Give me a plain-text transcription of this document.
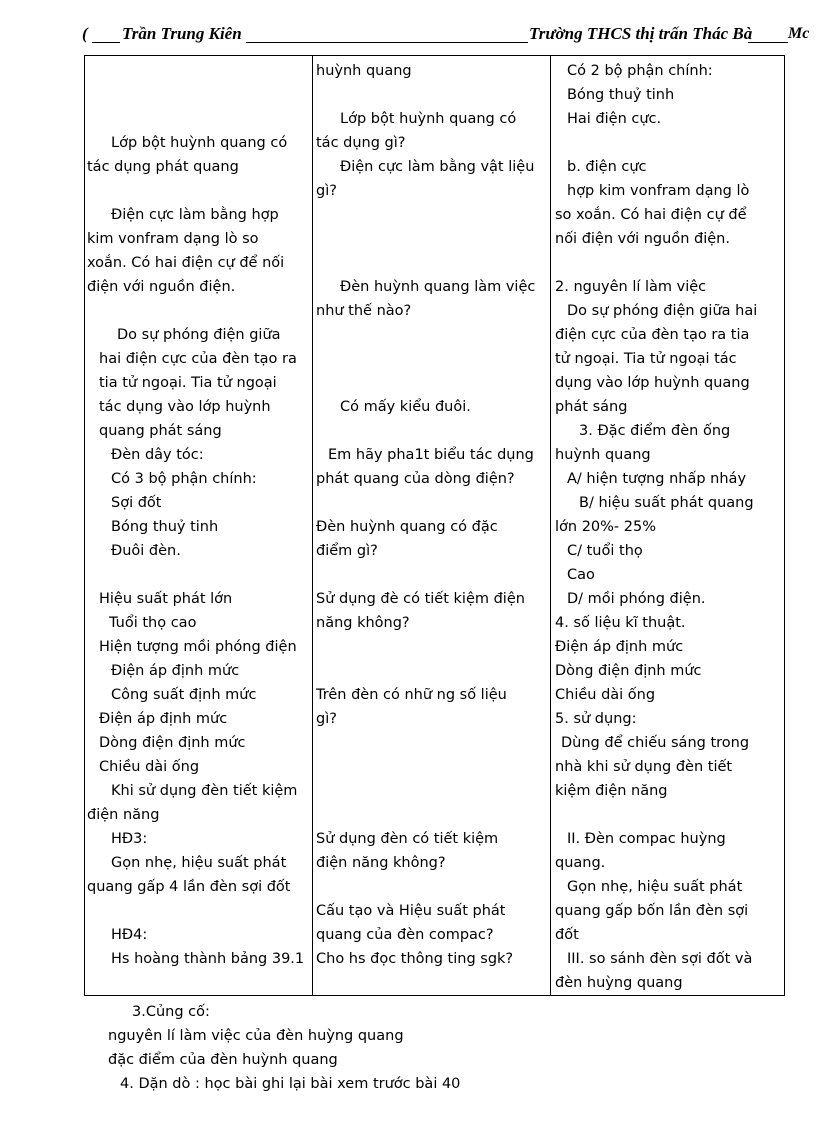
( Trần Trung Kiên	Trường THCS thị trấn Thác Bà Mc
Lớp bột huỳnh quang có
tác dụng phát quang
Điện cực làm bằng hợp
kim vonfram dạng lò so
xoắn. Có hai điện cự để nối
điện với nguồn điện.
Do sự phóng điện giữa
hai điện cực của đèn tạo ra
tia tử ngoại. Tia tử ngoại
tác dụng vào lớp huỳnh
quang phát sáng
Đèn dây tóc:
Có 3 bộ phận chính:
Sợi đốt
Bóng thuỷ tinh
Đuôi đèn.
Hiệu suất phát lớn
Tuổi thọ cao
Hiện tượng mồi phóng điện
Điện áp định mức
Công suất định mức
Điện áp định mức
Dòng điện định mức
Chiều dài ống
Khi sử dụng đèn tiết kiệm
điện năng
HĐ3:
Gọn nhẹ, hiệu suất phát
quang gấp 4 lần đèn sợi đốt
HĐ4:
Hs hoàng thành bảng 39.1
huỳnh quang
Lớp bột huỳnh quang có
tác dụng gì?
Điện cực làm bằng vật liệu
gì?
Đèn huỳnh quang làm việc
như thế nào?
Có mấy kiểu đuôi.
Em hãy pha1t biểu tác dụng
phát quang của dòng điện?
Đèn huỳnh quang có đặc
điểm gì?
Sử dụng đè có tiết kiệm điện
năng không?
Trên đèn có nhữ ng số liệu
gì?
Sử dụng đèn có tiết kiệm
điện năng không?
Cấu tạo và Hiệu suất phát
quang của đèn compac?
Cho hs đọc thông ting sgk?
Có 2 bộ phận chính:
Bóng thuỷ tinh
Hai điện cực.
b. điện cực
hợp kim vonfram dạng lò
so xoắn. Có hai điện cự để
nối điện với nguồn điện.
2. nguyên lí làm việc
Do sự phóng điện giữa hai
điện cực của đèn tạo ra tia
tử ngoại. Tia tử ngoại tác
dụng vào lớp huỳnh quang
phát sáng
3. Đặc điểm đèn ống
huỳnh quang
A/ hiện tượng nhấp nháy
B/ hiệu suất phát quang
lớn 20%- 25%
C/ tuổi thọ
Cao
D/ mồi phóng điện.
4. số liệu kĩ thuật.
Điện áp định mức
Dòng điện định mức
Chiều dài ống
5. sử dụng:
Dùng để chiếu sáng trong
nhà khi sử dụng đèn tiết
kiệm điện năng
II. Đèn compac huỳng
quang.
Gọn nhẹ, hiệu suất phát
quang gấp bốn lần đèn sợi
đốt
III. so sánh đèn sợi đốt và
đèn huỳng quang
3.Củng cố:
nguyên lí làm việc của đèn huỳng quang
đặc điểm của đèn huỳnh quang
4. Dặn dò : học bài ghi lại bài xem trước bài 40
